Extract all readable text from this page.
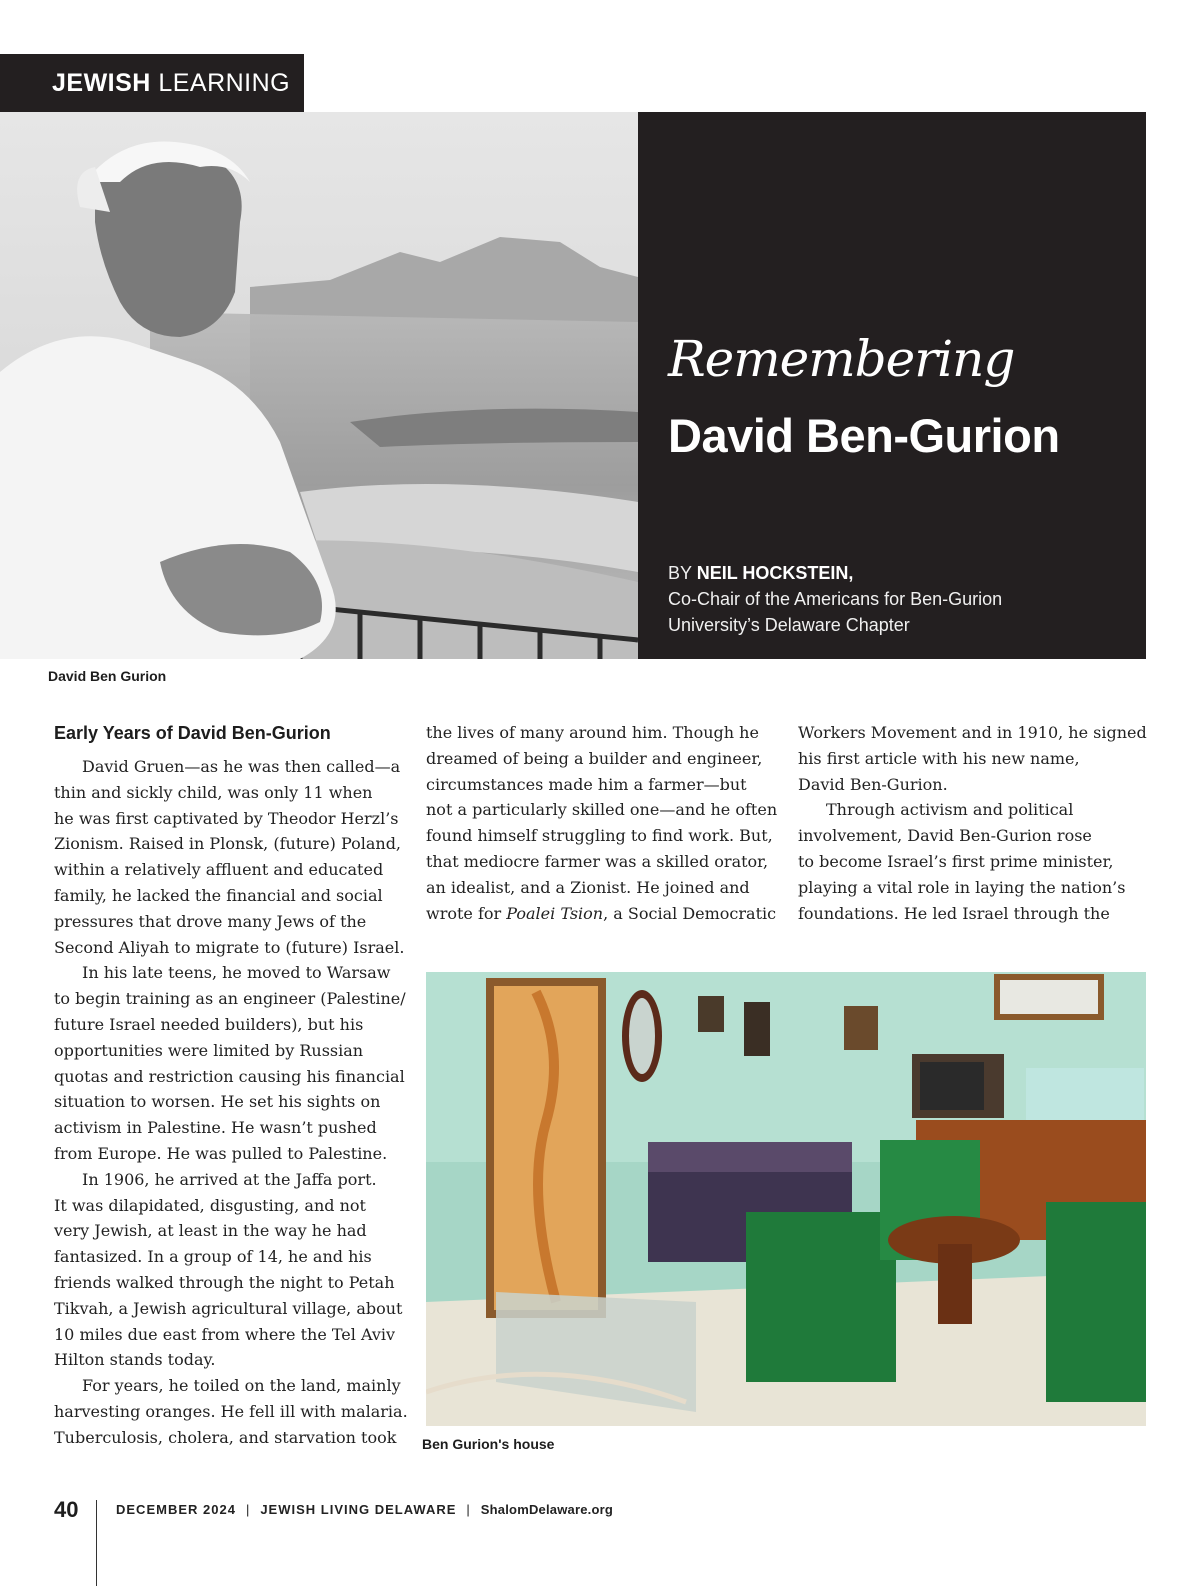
JEWISH LEARNING
Remembering
David Ben-Gurion
BY NEIL HOCKSTEIN,
Co-Chair of the Americans for Ben-Gurion
University’s Delaware Chapter
David Ben Gurion
Early Years of David Ben-Gurion

David Gruen—as he was then called—a
thin and sickly child, was only 11 when
he was first captivated by Theodor Herzl’s
Zionism. Raised in Plonsk, (future) Poland,
within a relatively affluent and educated
family, he lacked the financial and social
pressures that drove many Jews of the
Second Aliyah to migrate to (future) Israel.

In his late teens, he moved to Warsaw
to begin training as an engineer (Palestine/
future Israel needed builders), but his
opportunities were limited by Russian
quotas and restriction causing his financial
situation to worsen. He set his sights on
activism in Palestine. He wasn’t pushed
from Europe. He was pulled to Palestine.

In 1906, he arrived at the Jaffa port.
It was dilapidated, disgusting, and not
very Jewish, at least in the way he had
fantasized. In a group of 14, he and his
friends walked through the night to Petah
Tikvah, a Jewish agricultural village, about
10 miles due east from where the Tel Aviv
Hilton stands today.

For years, he toiled on the land, mainly
harvesting oranges. He fell ill with malaria.
Tuberculosis, cholera, and starvation took

the lives of many around him. Though he
dreamed of being a builder and engineer,
circumstances made him a farmer—but
not a particularly skilled one—and he often
found himself struggling to find work. But,
that mediocre farmer was a skilled orator,
an idealist, and a Zionist. He joined and
wrote for Poalei Tsion, a Social Democratic

Workers Movement and in 1910, he signed
his first article with his new name,
David Ben-Gurion.

Through activism and political
involvement, David Ben-Gurion rose
to become Israel’s first prime minister,
playing a vital role in laying the nation’s
foundations. He led Israel through the

Ben Gurion's house
40	DECEMBER 2024 | JEWISH LIVING DELAWARE | ShalomDelaware.org
